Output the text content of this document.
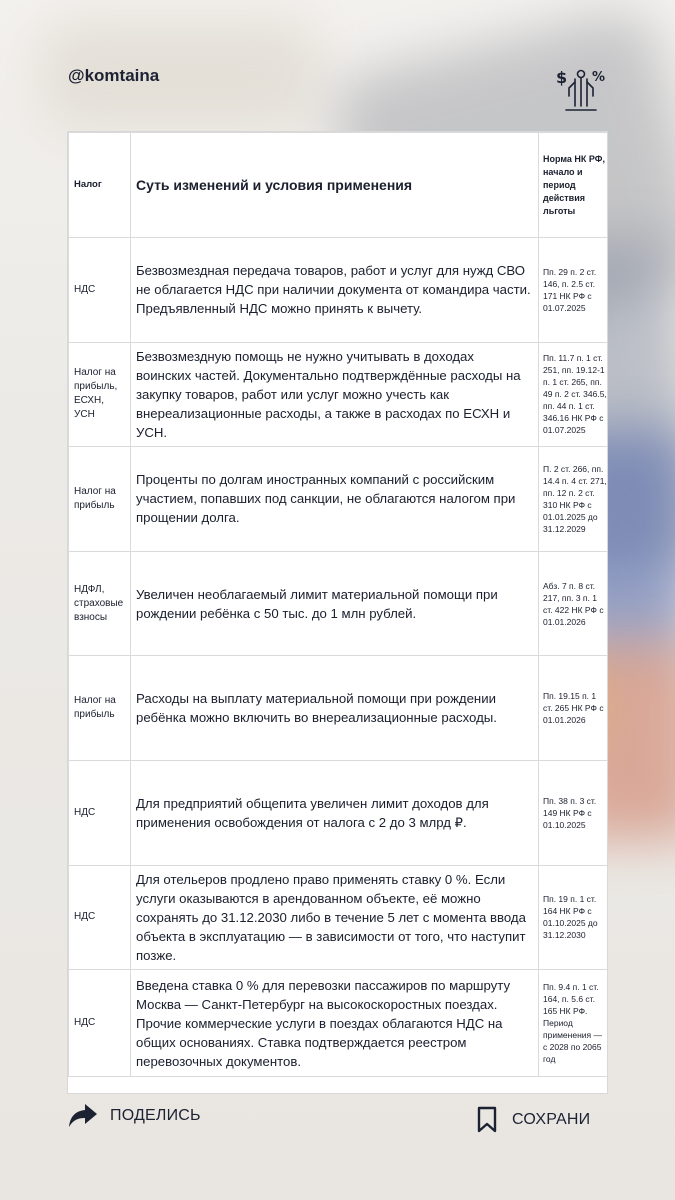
@komtaina	$ %
Налог	Суть изменений и условия применения	Норма НК РФ, начало и период действия льготы
НДС	Безвозмездная передача товаров, работ и услуг для нужд СВО не облагается НДС при наличии документа от командира части. Предъявленный НДС можно принять к вычету.	Пп. 29 п. 2 ст. 146, п. 2.5 ст. 171 НК РФ с 01.07.2025
Налог на прибыль, ЕСХН, УСН	Безвозмездную помощь не нужно учитывать в доходах воинских частей. Документально подтверждённые расходы на закупку товаров, работ или услуг можно учесть как внереализационные расходы, а также в расходах по ЕСХН и УСН.	Пп. 11.7 п. 1 ст. 251, пп. 19.12-1 п. 1 ст. 265, пп. 49 п. 2 ст. 346.5, пп. 44 п. 1 ст. 346.16 НК РФ с 01.07.2025
Налог на прибыль	Проценты по долгам иностранных компаний с российским участием, попавших под санкции, не облагаются налогом при прощении долга.	П. 2 ст. 266, пп. 14.4 п. 4 ст. 271, пп. 12 п. 2 ст. 310 НК РФ с 01.01.2025 до 31.12.2029
НДФЛ, страховые взносы	Увеличен необлагаемый лимит материальной помощи при рождении ребёнка с 50 тыс. до 1 млн рублей.	Абз. 7 п. 8 ст. 217, пп. 3 п. 1 ст. 422 НК РФ с 01.01.2026
Налог на прибыль	Расходы на выплату материальной помощи при рождении ребёнка можно включить во внереализационные расходы.	Пп. 19.15 п. 1 ст. 265 НК РФ с 01.01.2026
НДС	Для предприятий общепита увеличен лимит доходов для применения освобождения от налога с 2 до 3 млрд ₽.	Пп. 38 п. 3 ст. 149 НК РФ с 01.10.2025
НДС	Для отельеров продлено право применять ставку 0 %. Если услуги оказываются в арендованном объекте, её можно сохранять до 31.12.2030 либо в течение 5 лет с момента ввода объекта в эксплуатацию — в зависимости от того, что наступит позже.	Пп. 19 п. 1 ст. 164 НК РФ с 01.10.2025 до 31.12.2030
НДС	Введена ставка 0 % для перевозки пассажиров по маршруту Москва — Санкт-Петербург на высокоскоростных поездах. Прочие коммерческие услуги в поездах облагаются НДС на общих основаниях. Ставка подтверждается реестром перевозочных документов.	Пп. 9.4 п. 1 ст. 164, п. 5.6 ст. 165 НК РФ. Период применения — с 2028 по 2065 год
ПОДЕЛИСЬ	СОХРАНИ
